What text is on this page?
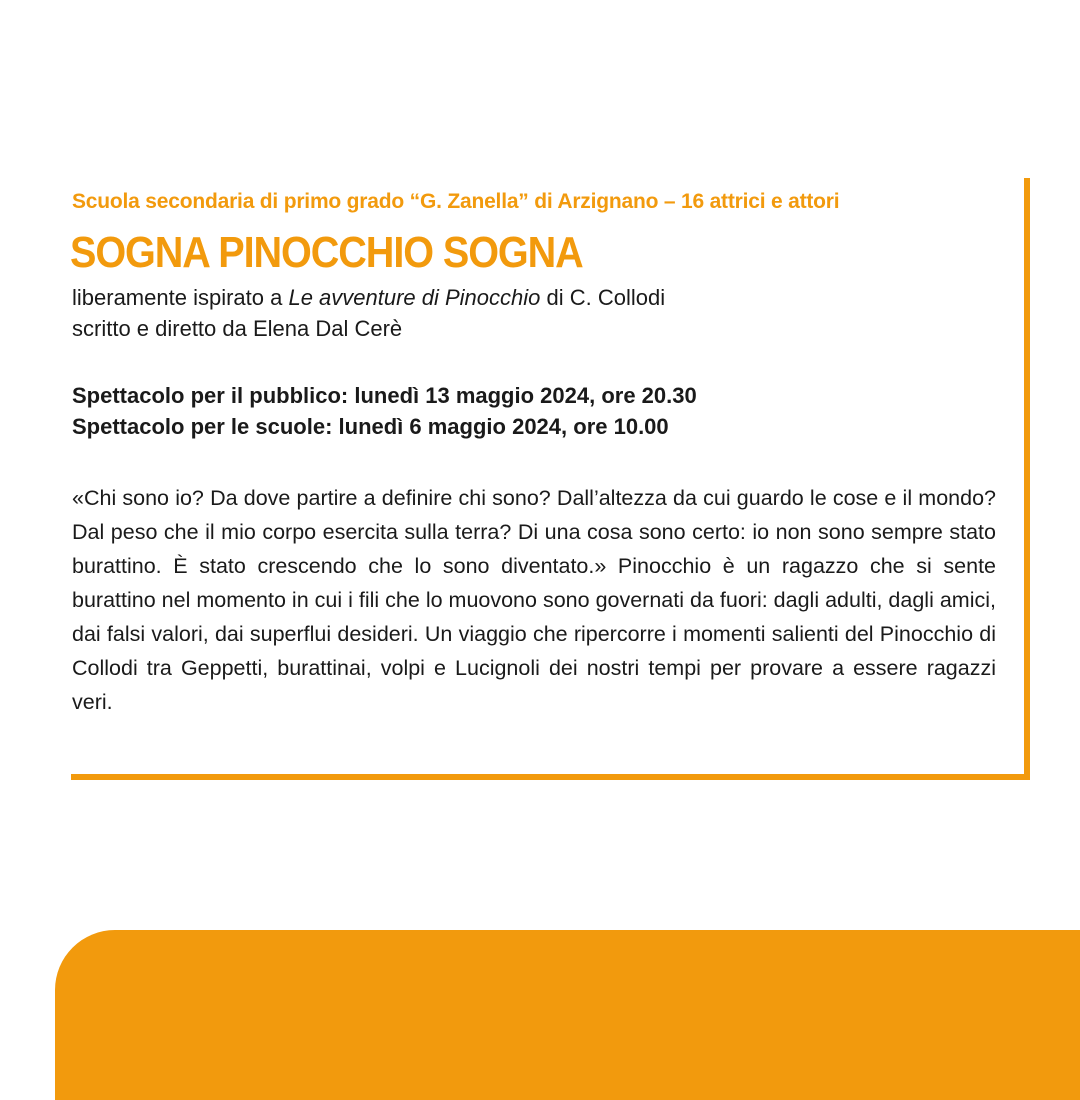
Scuola secondaria di primo grado “G. Zanella” di Arzignano – 16 attrici e attori
SOGNA PINOCCHIO SOGNA
liberamente ispirato a Le avventure di Pinocchio di C. Collodi
scritto e diretto da Elena Dal Cerè
Spettacolo per il pubblico: lunedì 13 maggio 2024, ore 20.30
Spettacolo per le scuole: lunedì 6 maggio 2024, ore 10.00

«Chi sono io? Da dove partire a definire chi sono? Dall’altezza da cui guardo le cose e il mondo? Dal peso che il mio corpo esercita sulla terra? Di una cosa sono certo: io non sono sempre stato burattino. È stato crescendo che lo sono diventato.» Pinocchio è un ragazzo che si sente burattino nel momento in cui i fili che lo muovono sono governati da fuori: dagli adulti, dagli amici, dai falsi valori, dai superflui desideri. Un viaggio che ripercorre i momenti salienti del Pinocchio di Collodi tra Geppetti, burattinai, volpi e Lucignoli dei nostri tempi per provare a essere ragazzi veri.
